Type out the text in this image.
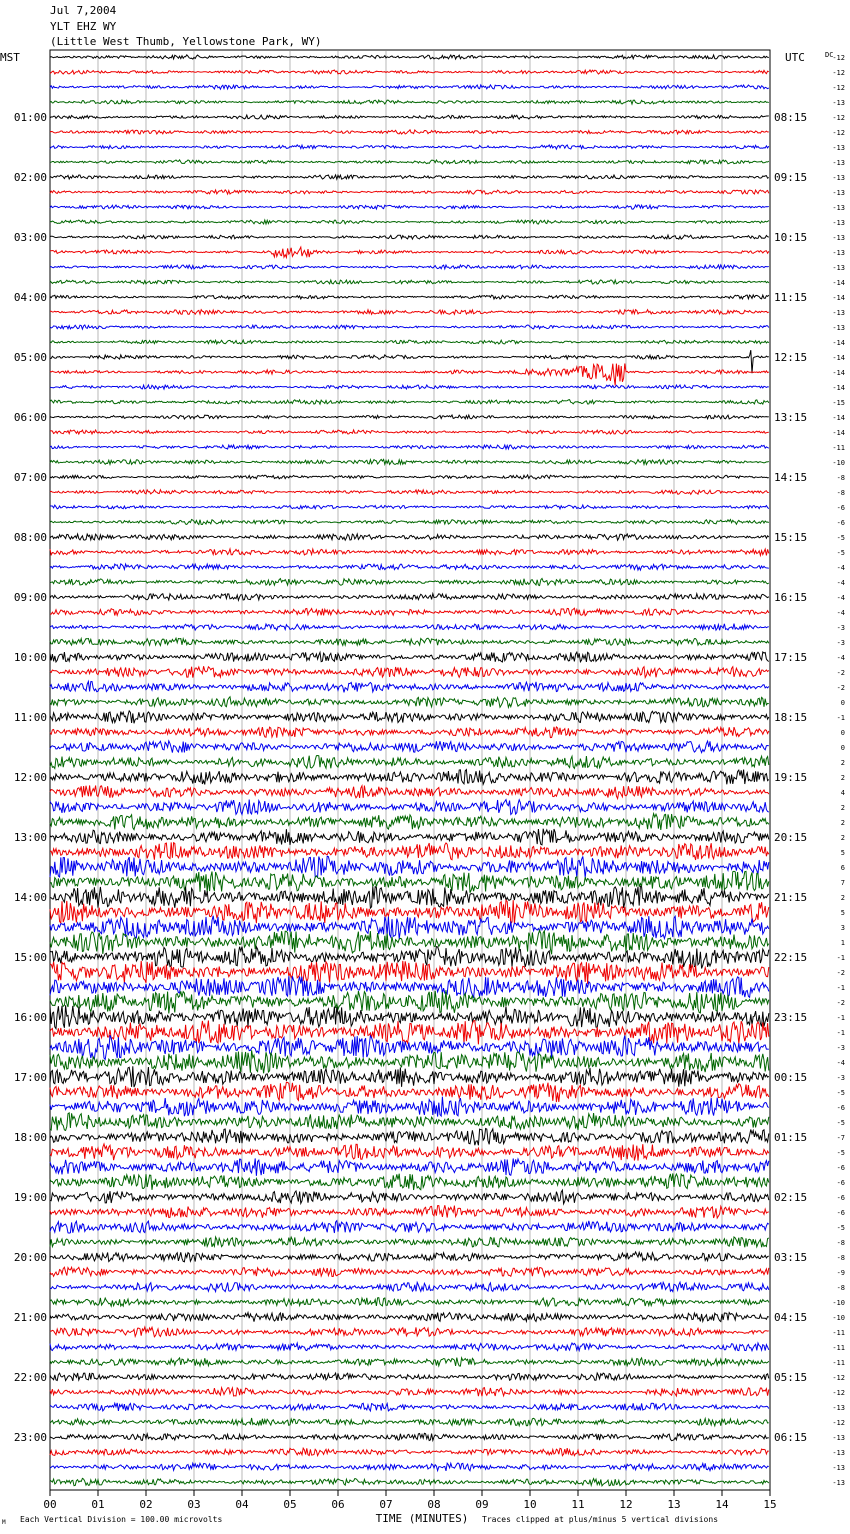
Jul 7,2004
YLT EHZ WY
(Little West Thumb, Yellowstone Park, WY)
-12
-12
-12
-13
-12
-12
-13
-13
-13
-13
-13
-13
-13
-13
-13
-14
-14
-13
-13
-14
-14
-14
-14
-15
-14
-14
-11
-10
-8
-8
-6
-6
-5
-5
-4
-4
-4
-4
-3
-3
-4
-2
-2
0
-1
0
0
2
2
4
2
2
2
5
6
7
2
5
3
1
-1
-2
-1
-2
-1
-1
-3
-4
-3
-5
-6
-5
-7
-5
-6
-6
-6
-6
-5
-8
-8
-9
-8
-10
-10
-11
-11
-11
-12
-12
-13
-12
-13
-13
-13
-13
01:00
02:00
03:00
04:00
05:00
06:00
07:00
08:00
09:00
10:00
11:00
12:00
13:00
14:00
15:00
16:00
17:00
18:00
19:00
20:00
21:00
22:00
23:00
08:15
09:15
10:15
11:15
12:15
13:15
14:15
15:15
16:15
17:15
18:15
19:15
20:15
21:15
22:15
23:15
00:15
01:15
02:15
03:15
04:15
05:15
06:15
MST	UTC	DC
00	01	02	03	04	05	06	07	08	09	10	11	12	13	14	15
TIME (MINUTES)
M Each Vertical Division = 100.00 microvolts	Traces clipped at plus/minus 5 vertical divisions
